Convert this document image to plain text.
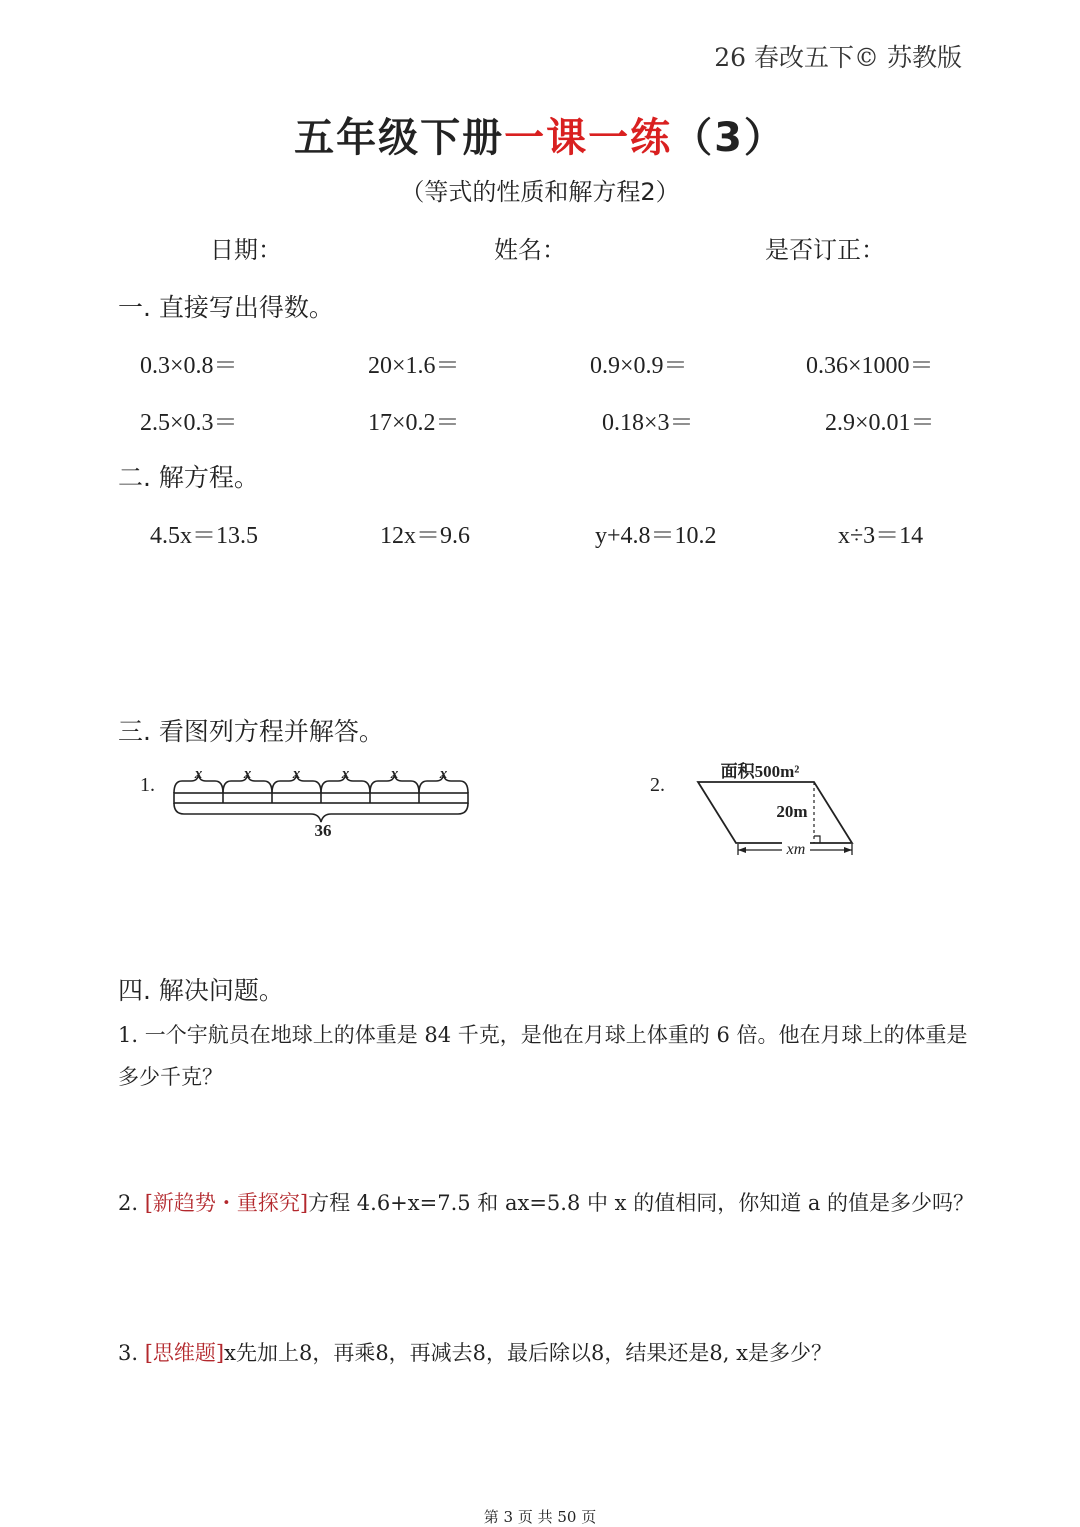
26 春改五下© 苏教版
五年级下册一课一练（3）
（等式的性质和解方程2）
日期：	姓名：	是否订正：
一. 直接写出得数。
0.3×0.8＝	20×1.6＝	0.9×0.9＝	0.36×1000＝
2.5×0.3＝	17×0.2＝	0.18×3＝	2.9×0.01＝
二. 解方程。
4.5x＝13.5	12x＝9.6	y+4.8＝10.2	x÷3＝14
三. 看图列方程并解答。
1.	x	x	x	x	x	x
36
2.
面积500m²
20m
xm
四. 解决问题。
1. 一个宇航员在地球上的体重是 84 千克，是他在月球上体重的 6 倍。他在月球上的体重是多少千克？
2. [新趋势・重探究]方程 4.6+x=7.5 和 ax=5.8 中 x 的值相同，你知道 a 的值是多少吗？
3. [思维题]x先加上8，再乘8，再减去8，最后除以8，结果还是8, x是多少？
第 3 页 共 50 页
